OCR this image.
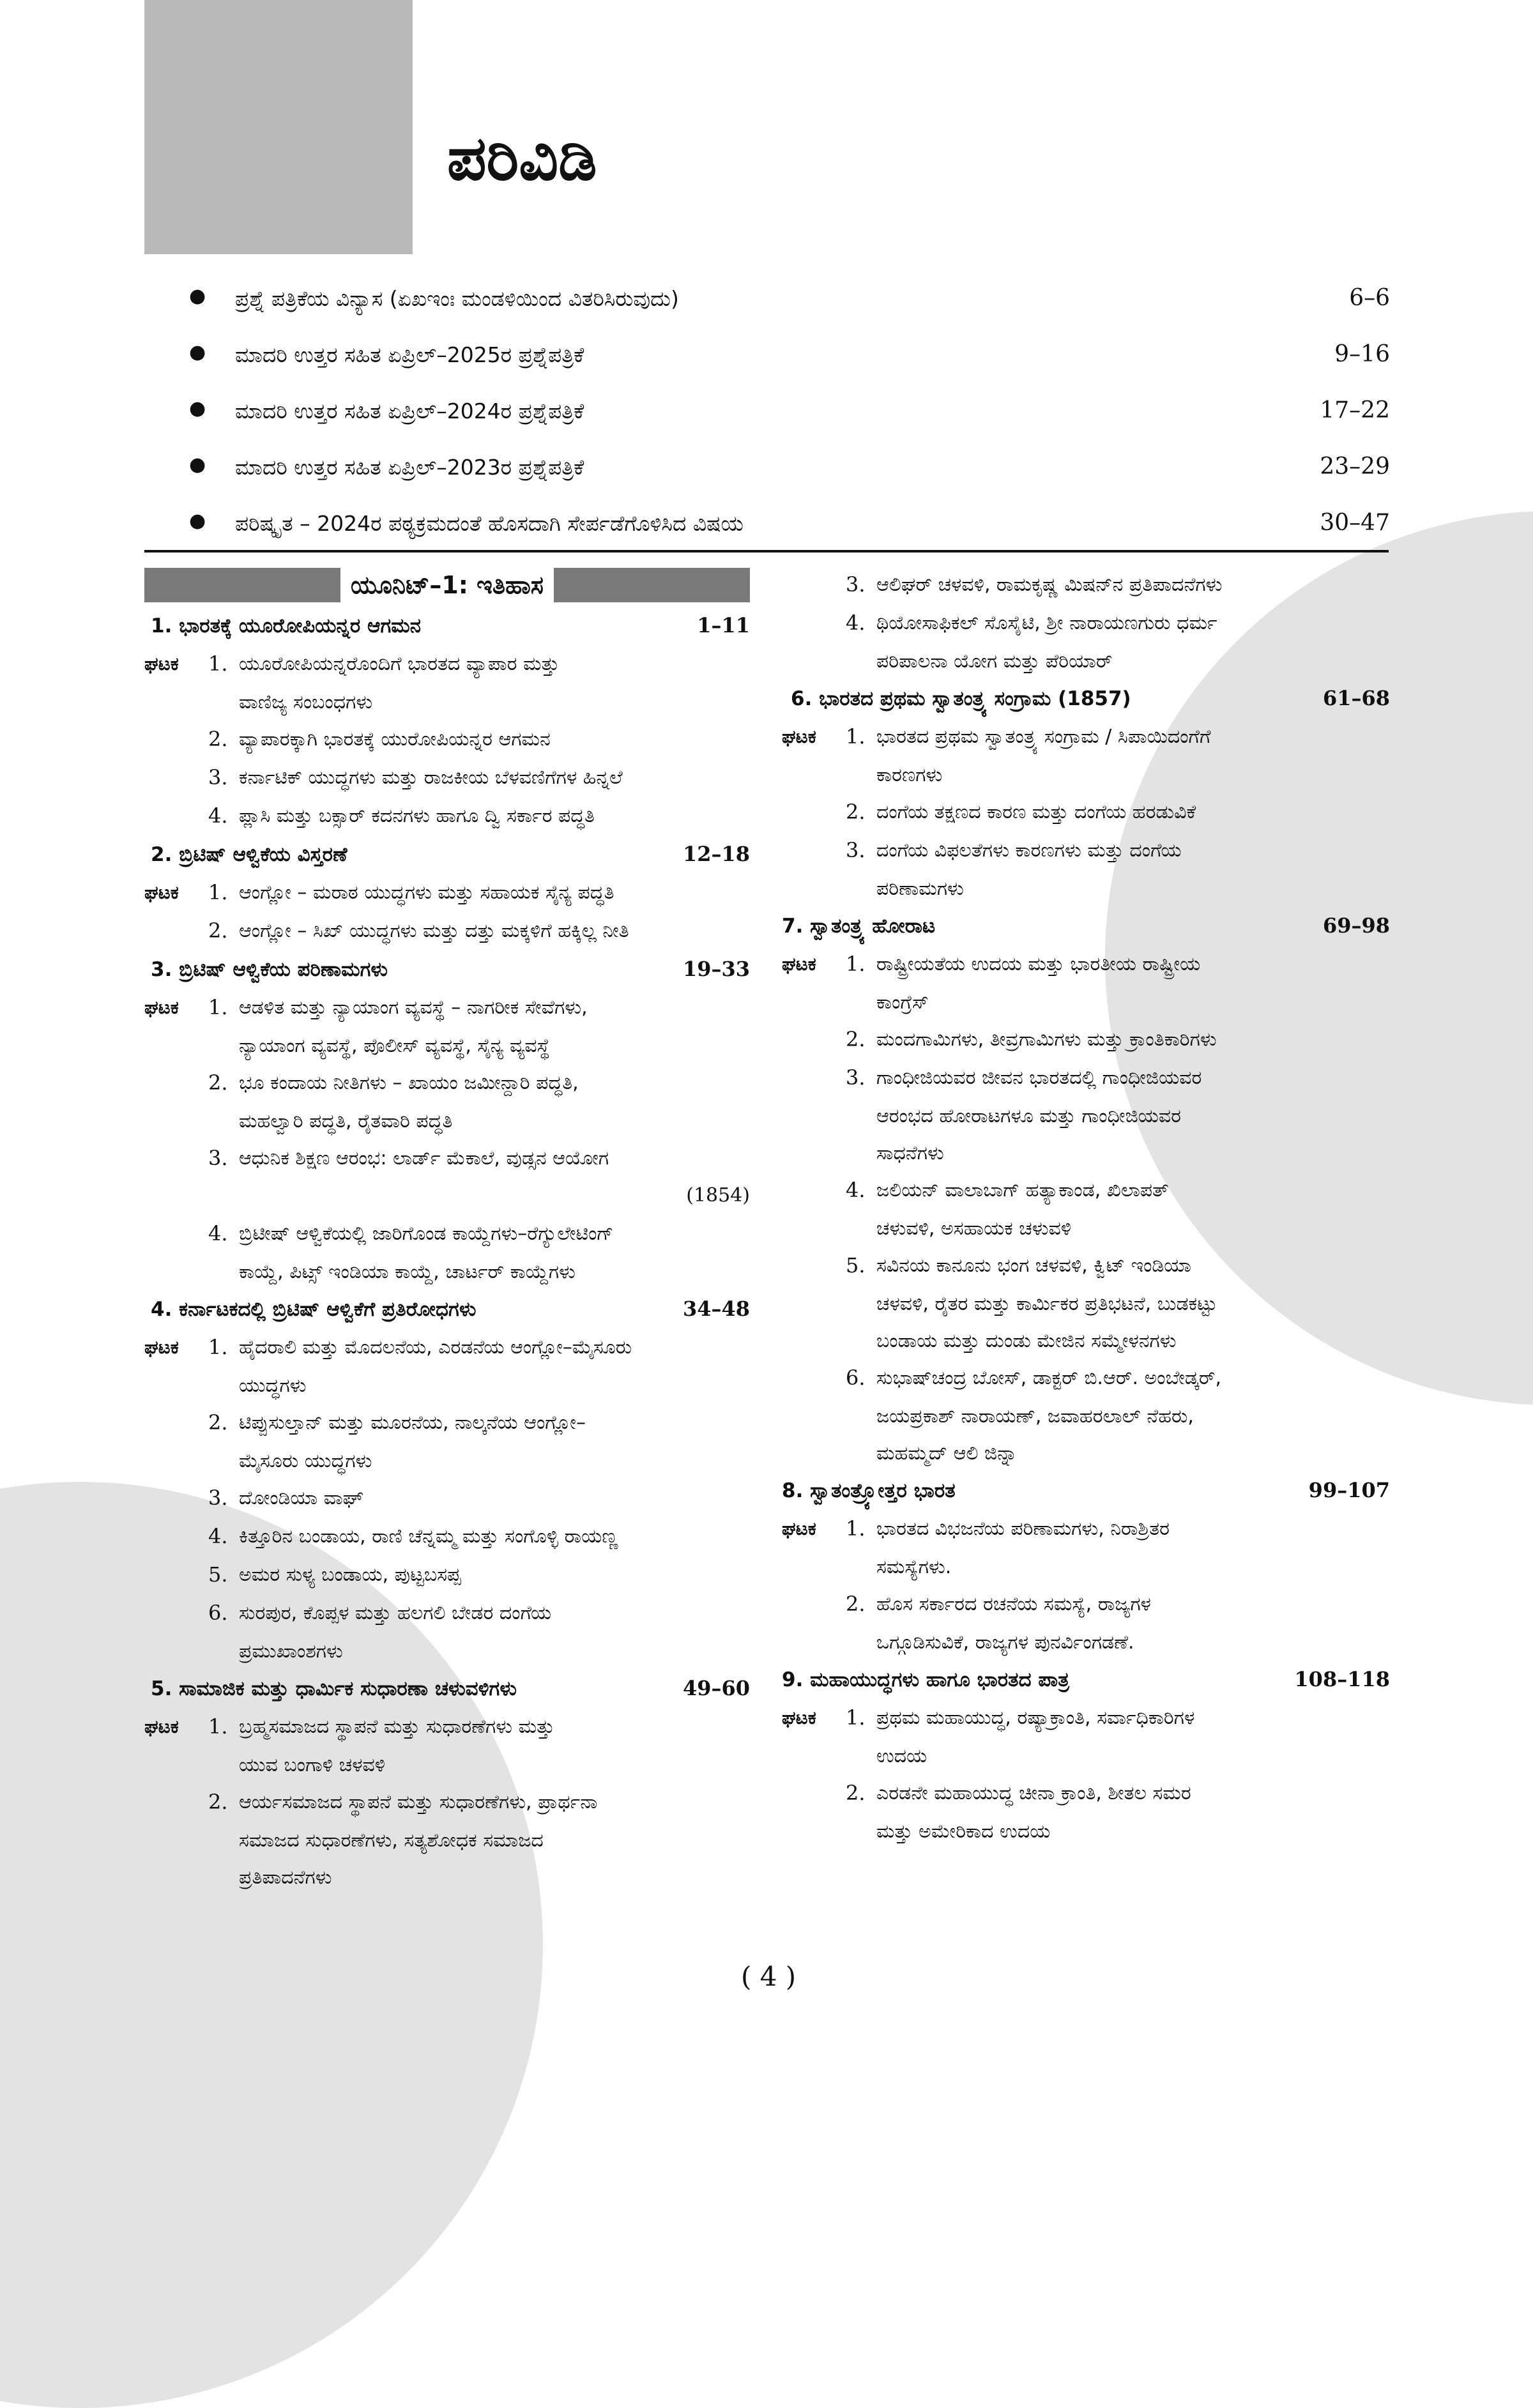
ಪರಿವಿಡಿ
● ಪ್ರಶ್ನೆ ಪತ್ರಿಕೆಯ ವಿನ್ಯಾಸ (ಏಖಇಂಃ ಮಂಡಳಿಯಿಂದ ವಿತರಿಸಿರುವುದು)	6–6
● ಮಾದರಿ ಉತ್ತರ ಸಹಿತ ಏಪ್ರಿಲ್–2025ರ ಪ್ರಶ್ನೆಪತ್ರಿಕೆ	9–16
● ಮಾದರಿ ಉತ್ತರ ಸಹಿತ ಏಪ್ರಿಲ್–2024ರ ಪ್ರಶ್ನೆಪತ್ರಿಕೆ	17–22
● ಮಾದರಿ ಉತ್ತರ ಸಹಿತ ಏಪ್ರಿಲ್–2023ರ ಪ್ರಶ್ನೆಪತ್ರಿಕೆ	23–29
● ಪರಿಷ್ಕೃತ – 2024ರ ಪಠ್ಯಕ್ರಮದಂತೆ ಹೊಸದಾಗಿ ಸೇರ್ಪಡೆಗೊಳಿಸಿದ ವಿಷಯ	30–47
ಯೂನಿಟ್–1: ಇತಿಹಾಸ
1. ಭಾರತಕ್ಕೆ ಯೂರೋಪಿಯನ್ನರ ಆಗಮನ	1–11
ಘಟಕ 1. ಯೂರೋಪಿಯನ್ನರೊಂದಿಗೆ ಭಾರತದ ವ್ಯಾಪಾರ ಮತ್ತು
ವಾಣಿಜ್ಯ ಸಂಬಂಧಗಳು
2. ವ್ಯಾಪಾರಕ್ಕಾಗಿ ಭಾರತಕ್ಕೆ ಯುರೋಪಿಯನ್ನರ ಆಗಮನ
3. ಕರ್ನಾಟಿಕ್ ಯುದ್ಧಗಳು ಮತ್ತು ರಾಜಕೀಯ ಬೆಳವಣಿಗೆಗಳ ಹಿನ್ನಲೆ
4. ಪ್ಲಾಸಿ ಮತ್ತು ಬಕ್ಸಾರ್ ಕದನಗಳು ಹಾಗೂ ದ್ವಿ ಸರ್ಕಾರ ಪದ್ಧತಿ
2. ಬ್ರಿಟಿಷ್ ಆಳ್ವಿಕೆಯ ವಿಸ್ತರಣೆ	12–18
ಘಟಕ 1. ಆಂಗ್ಲೋ – ಮರಾಠ ಯುದ್ಧಗಳು ಮತ್ತು ಸಹಾಯಕ ಸೈನ್ಯ ಪದ್ಧತಿ
2. ಆಂಗ್ಲೋ – ಸಿಖ್ ಯುದ್ಧಗಳು ಮತ್ತು ದತ್ತು ಮಕ್ಕಳಿಗೆ ಹಕ್ಕಿಲ್ಲ ನೀತಿ
3. ಬ್ರಿಟಿಷ್ ಆಳ್ವಿಕೆಯ ಪರಿಣಾಮಗಳು	19–33
ಘಟಕ 1. ಆಡಳಿತ ಮತ್ತು ನ್ಯಾಯಾಂಗ ವ್ಯವಸ್ಥೆ – ನಾಗರೀಕ ಸೇವೆಗಳು,
ನ್ಯಾಯಾಂಗ ವ್ಯವಸ್ಥೆ, ಪೊಲೀಸ್ ವ್ಯವಸ್ಥೆ, ಸೈನ್ಯ ವ್ಯವಸ್ಥೆ
2. ಭೂ ಕಂದಾಯ ನೀತಿಗಳು – ಖಾಯಂ ಜಮೀನ್ದಾರಿ ಪದ್ಧತಿ,
ಮಹಲ್ವಾರಿ ಪದ್ಧತಿ, ರೈತವಾರಿ ಪದ್ಧತಿ
3. ಆಧುನಿಕ ಶಿಕ್ಷಣ ಆರಂಭ: ಲಾರ್ಡ್ ಮೆಕಾಲೆ, ವುಡ್ಸನ ಆಯೋಗ
(1854)
4. ಬ್ರಿಟೀಷ್ ಆಳ್ವಿಕೆಯಲ್ಲಿ ಜಾರಿಗೊಂಡ ಕಾಯ್ದೆಗಳು–ರೆಗ್ಯುಲೇಟಿಂಗ್
ಕಾಯ್ದೆ, ಪಿಟ್ಸ್ ಇಂಡಿಯಾ ಕಾಯ್ದೆ, ಚಾರ್ಟರ್ ಕಾಯ್ದೆಗಳು
4. ಕರ್ನಾಟಕದಲ್ಲಿ ಬ್ರಿಟಿಷ್ ಆಳ್ವಿಕೆಗೆ ಪ್ರತಿರೋಧಗಳು	34–48
ಘಟಕ 1. ಹೈದರಾಲಿ ಮತ್ತು ಮೊದಲನೆಯ, ಎರಡನೆಯ ಆಂಗ್ಲೋ–ಮೈಸೂರು
ಯುದ್ಧಗಳು
2. ಟಿಪ್ಪುಸುಲ್ತಾನ್ ಮತ್ತು ಮೂರನೆಯ, ನಾಲ್ಕನೆಯ ಆಂಗ್ಲೋ–
ಮೈಸೂರು ಯುದ್ಧಗಳು
3. ದೋಂಡಿಯಾ ವಾಘ್
4. ಕಿತ್ತೂರಿನ ಬಂಡಾಯ, ರಾಣಿ ಚೆನ್ನಮ್ಮ ಮತ್ತು ಸಂಗೊಳ್ಳಿ ರಾಯಣ್ಣ
5. ಅಮರ ಸುಳ್ಯ ಬಂಡಾಯ, ಪುಟ್ಟಬಸಪ್ಪ
6. ಸುರಪುರ, ಕೊಪ್ಪಳ ಮತ್ತು ಹಲಗಲಿ ಬೇಡರ ದಂಗೆಯ
ಪ್ರಮುಖಾಂಶಗಳು
5. ಸಾಮಾಜಿಕ ಮತ್ತು ಧಾರ್ಮಿಕ ಸುಧಾರಣಾ ಚಳುವಳಿಗಳು	49–60
ಘಟಕ 1. ಬ್ರಹ್ಮಸಮಾಜದ ಸ್ಥಾಪನೆ ಮತ್ತು ಸುಧಾರಣೆಗಳು ಮತ್ತು
ಯುವ ಬಂಗಾಳಿ ಚಳವಳಿ
2. ಆರ್ಯಸಮಾಜದ ಸ್ಥಾಪನೆ ಮತ್ತು ಸುಧಾರಣೆಗಳು, ಪ್ರಾರ್ಥನಾ
ಸಮಾಜದ ಸುಧಾರಣೆಗಳು, ಸತ್ಯಶೋಧಕ ಸಮಾಜದ
ಪ್ರತಿಪಾದನೆಗಳು
3. ಆಲಿಘರ್ ಚಳವಳಿ, ರಾಮಕೃಷ್ಣ ಮಿಷನ್‌ನ ಪ್ರತಿಪಾದನೆಗಳು
4. ಥಿಯೋಸಾಫಿಕಲ್ ಸೊಸೈಟಿ, ಶ್ರೀ ನಾರಾಯಣಗುರು ಧರ್ಮ
ಪರಿಪಾಲನಾ ಯೋಗ ಮತ್ತು ಪೆರಿಯಾರ್
6. ಭಾರತದ ಪ್ರಥಮ ಸ್ವಾತಂತ್ರ್ಯ ಸಂಗ್ರಾಮ (1857)	61–68
ಘಟಕ 1. ಭಾರತದ ಪ್ರಥಮ ಸ್ವಾತಂತ್ರ್ಯ ಸಂಗ್ರಾಮ / ಸಿಪಾಯಿದಂಗೆಗೆ
ಕಾರಣಗಳು
2. ದಂಗೆಯ ತಕ್ಷಣದ ಕಾರಣ ಮತ್ತು ದಂಗೆಯ ಹರಡುವಿಕೆ
3. ದಂಗೆಯ ವಿಫಲತೆಗಳು ಕಾರಣಗಳು ಮತ್ತು ದಂಗೆಯ
ಪರಿಣಾಮಗಳು
7. ಸ್ವಾತಂತ್ರ್ಯ ಹೋರಾಟ	69–98
ಘಟಕ 1. ರಾಷ್ಟ್ರೀಯತೆಯ ಉದಯ ಮತ್ತು ಭಾರತೀಯ ರಾಷ್ಟ್ರೀಯ
ಕಾಂಗ್ರೆಸ್
2. ಮಂದಗಾಮಿಗಳು, ತೀವ್ರಗಾಮಿಗಳು ಮತ್ತು ಕ್ರಾಂತಿಕಾರಿಗಳು
3. ಗಾಂಧೀಜಿಯವರ ಜೀವನ ಭಾರತದಲ್ಲಿ ಗಾಂಧೀಜಿಯವರ
ಆರಂಭದ ಹೋರಾಟಗಳೂ ಮತ್ತು ಗಾಂಧೀಜಿಯವರ
ಸಾಧನೆಗಳು
4. ಜಲಿಯನ್ ವಾಲಾಬಾಗ್ ಹತ್ಯಾಕಾಂಡ, ಖಿಲಾಪತ್
ಚಳುವಳಿ, ಅಸಹಾಯಕ ಚಳುವಳಿ
5. ಸವಿನಯ ಕಾನೂನು ಭಂಗ ಚಳವಳಿ, ಕ್ವಿಟ್ ಇಂಡಿಯಾ
ಚಳವಳಿ, ರೈತರ ಮತ್ತು ಕಾರ್ಮಿಕರ ಪ್ರತಿಭಟನೆ, ಬುಡಕಟ್ಟು
ಬಂಡಾಯ ಮತ್ತು ದುಂಡು ಮೇಜಿನ ಸಮ್ಮೇಳನಗಳು
6. ಸುಭಾಷ್‌ಚಂದ್ರ ಬೋಸ್, ಡಾಕ್ಟರ್ ಬಿ.ಆರ್. ಅಂಬೇಡ್ಕರ್,
ಜಯಪ್ರಕಾಶ್ ನಾರಾಯಣ್, ಜವಾಹರಲಾಲ್ ನೆಹರು,
ಮಹಮ್ಮದ್ ಆಲಿ ಜಿನ್ನಾ
8. ಸ್ವಾತಂತ್ರ್ಯೋತ್ತರ ಭಾರತ	99–107
ಘಟಕ 1. ಭಾರತದ ವಿಭಜನೆಯ ಪರಿಣಾಮಗಳು, ನಿರಾಶ್ರಿತರ
ಸಮಸ್ಯೆಗಳು.
2. ಹೊಸ ಸರ್ಕಾರದ ರಚನೆಯ ಸಮಸ್ಯೆ, ರಾಜ್ಯಗಳ
ಒಗ್ಗೂಡಿಸುವಿಕೆ, ರಾಜ್ಯಗಳ ಪುನರ್ವಿಂಗಡಣೆ.
9. ಮಹಾಯುದ್ಧಗಳು ಹಾಗೂ ಭಾರತದ ಪಾತ್ರ	108–118
ಘಟಕ 1. ಪ್ರಥಮ ಮಹಾಯುದ್ಧ, ರಷ್ಯಾಕ್ರಾಂತಿ, ಸರ್ವಾಧಿಕಾರಿಗಳ
ಉದಯ
2. ಎರಡನೇ ಮಹಾಯುದ್ಧ ಚೀನಾ ಕ್ರಾಂತಿ, ಶೀತಲ ಸಮರ
ಮತ್ತು ಅಮೇರಿಕಾದ ಉದಯ
( 4 )
